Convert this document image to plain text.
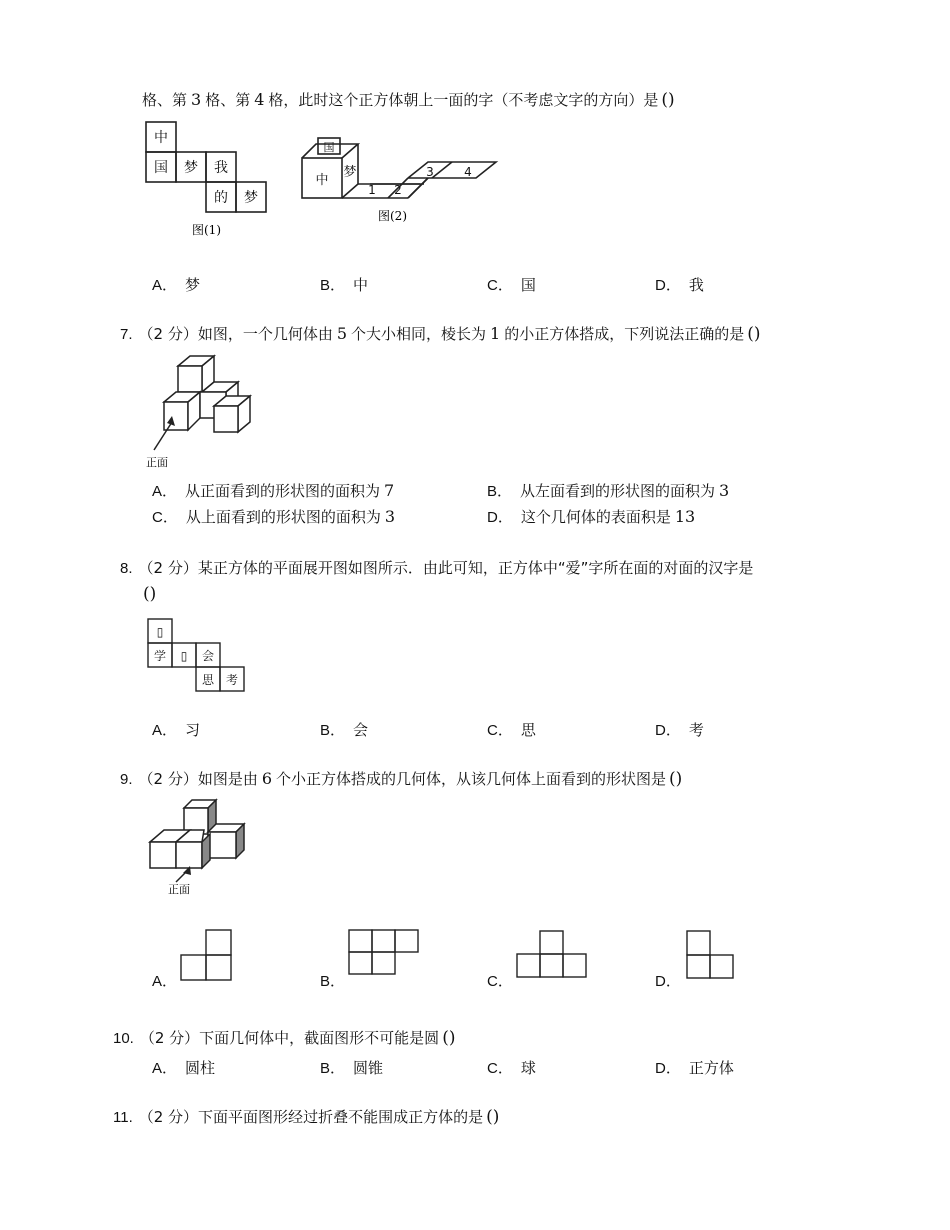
格、第 3 格、第 4 格，此时这个正方体朝上一面的字（不考虑文字的方向）是 ()
中
国 梦 我
的 梦
图(1)
国
中
梦
1 2
3	4
图(2)
A． 梦	B． 中	C． 国	D． 我
7. （2 分）如图，一个几何体由 5 个大小相同，棱长为 1 的小正方体搭成，下列说法正确的是 ()
正面
A． 从正面看到的形状图的面积为 7	B． 从左面看到的形状图的面积为 3
C． 从上面看到的形状图的面积为 3	D． 这个几何体的表面积是 13
8. （2 分）某正方体的平面展开图如图所示．由此可知，正方体中“爱”字所在面的对面的汉字是
()
▯
学 ▯ 会
思 考
A． 习	B． 会	C． 思	D． 考
9. （2 分）如图是由 6 个小正方体搭成的几何体，从该几何体上面看到的形状图是 ()
正面
A．	B．	C．	D．
10. （2 分）下面几何体中，截面图形不可能是圆 ()
A． 圆柱	B． 圆锥	C． 球	D． 正方体
11. （2 分）下面平面图形经过折叠不能围成正方体的是 ()
